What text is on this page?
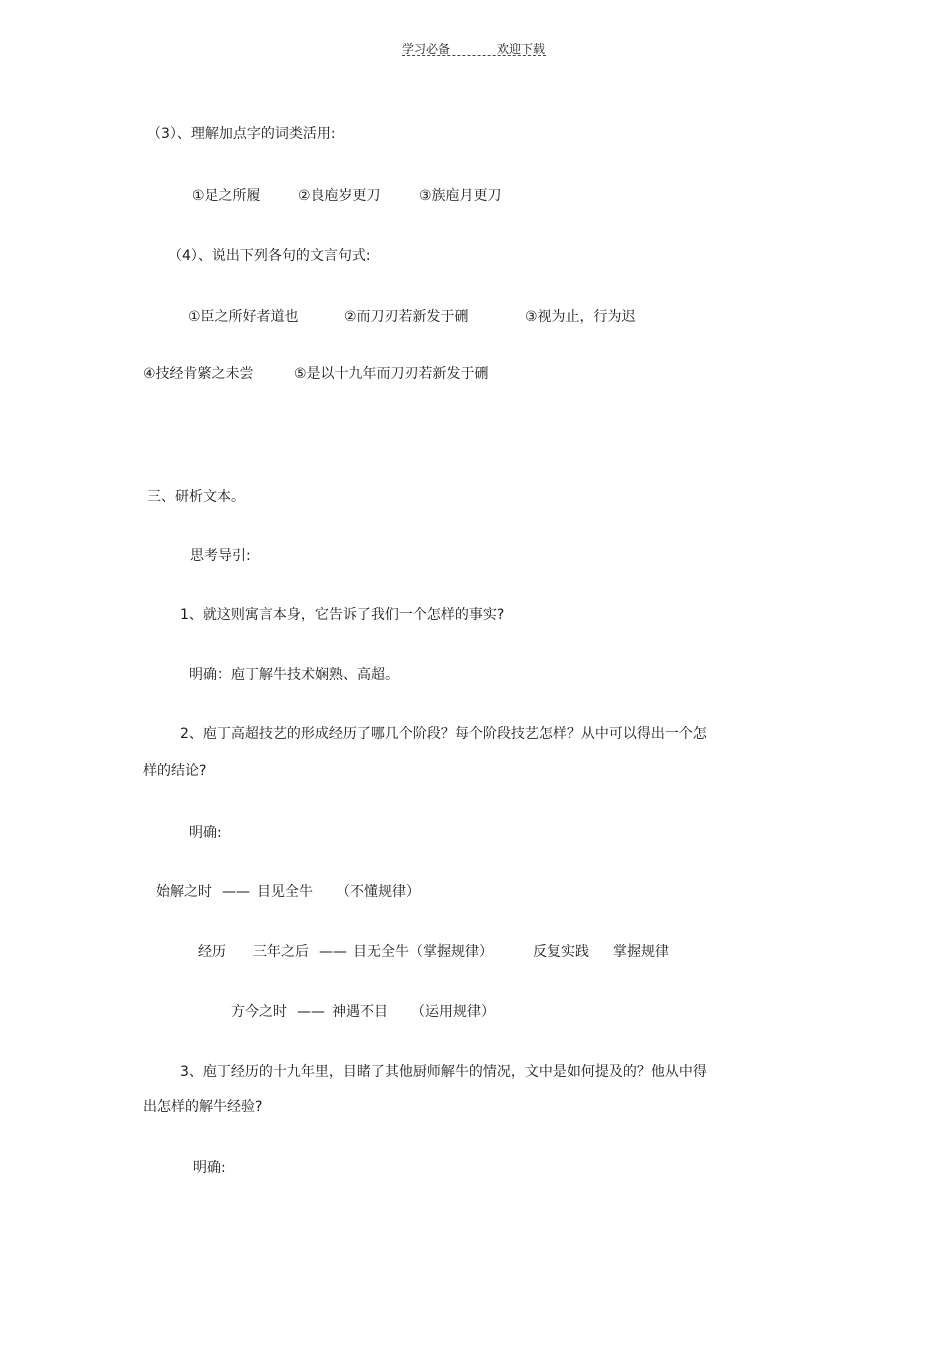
学习必备	欢迎下载
（3）、理解加点字的词类活用:
①足之所履	②良庖岁更刀	③族庖月更刀
（4）、说出下列各句的文言句式:
①臣之所好者道也	②而刀刃若新发于硎	③视为止，行为迟
④技经肯綮之未尝	⑤是以十九年而刀刃若新发于硎
三、研析文本。
思考导引:
1、就这则寓言本身，它告诉了我们一个怎样的事实?
明确：庖丁解牛技术娴熟、高超。
2、庖丁高超技艺的形成经历了哪几个阶段？每个阶段技艺怎样？从中可以得出一个怎
样的结论?
明确:
始解之时 —— 目见全牛 （不懂规律）
经历 三年之后 —— 目无全牛（掌握规律）	反复实践 掌握规律
方今之时 —— 神遇不目 （运用规律）
3、庖丁经历的十九年里，目睹了其他厨师解牛的情况，文中是如何提及的？他从中得
出怎样的解牛经验?
明确:
